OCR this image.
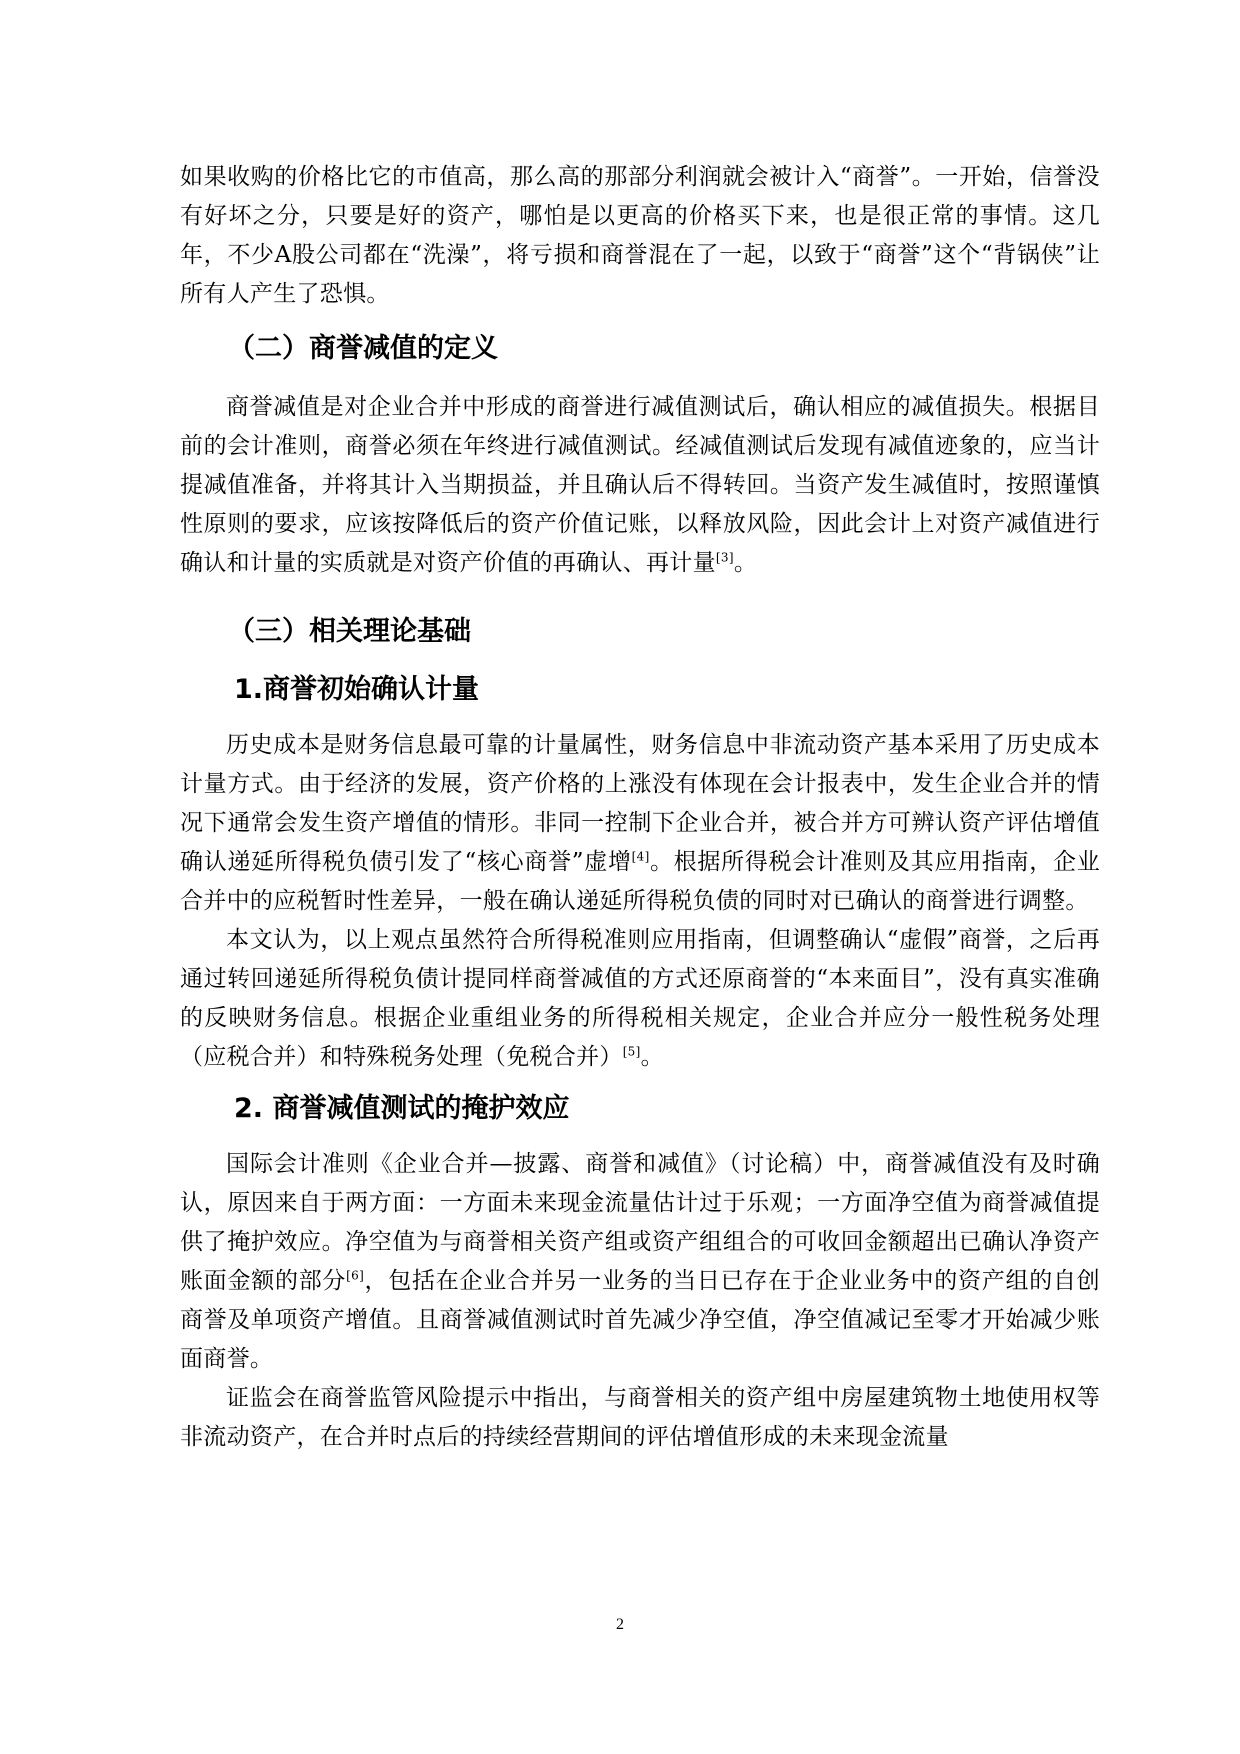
如果收购的价格比它的市值高，那么高的那部分利润就会被计入“商誉”。一开始，信誉没有好坏之分，只要是好的资产，哪怕是以更高的价格买下来，也是很正常的事情。这几年，不少A股公司都在“洗澡”，将亏损和商誉混在了一起，以致于“商誉”这个“背锅侠”让所有人产生了恐惧。

（二）商誉减值的定义

商誉减值是对企业合并中形成的商誉进行减值测试后，确认相应的减值损失。根据目前的会计准则，商誉必须在年终进行减值测试。经减值测试后发现有减值迹象的，应当计提减值准备，并将其计入当期损益，并且确认后不得转回。当资产发生减值时，按照谨慎性原则的要求，应该按降低后的资产价值记账，以释放风险，因此会计上对资产减值进行确认和计量的实质就是对资产价值的再确认、再计量[3]。

（三）相关理论基础
1.商誉初始确认计量

历史成本是财务信息最可靠的计量属性，财务信息中非流动资产基本采用了历史成本计量方式。由于经济的发展，资产价格的上涨没有体现在会计报表中，发生企业合并的情况下通常会发生资产增值的情形。非同一控制下企业合并，被合并方可辨认资产评估增值确认递延所得税负债引发了“核心商誉”虚增[4]。根据所得税会计准则及其应用指南，企业合并中的应税暂时性差异，一般在确认递延所得税负债的同时对已确认的商誉进行调整。

本文认为，以上观点虽然符合所得税准则应用指南，但调整确认“虚假”商誉，之后再通过转回递延所得税负债计提同样商誉减值的方式还原商誉的“本来面目”，没有真实准确的反映财务信息。根据企业重组业务的所得税相关规定，企业合并应分一般性税务处理（应税合并）和特殊税务处理（免税合并）[5]。

2. 商誉减值测试的掩护效应

国际会计准则《企业合并—披露、商誉和减值》（讨论稿）中，商誉减值没有及时确认，原因来自于两方面：一方面未来现金流量估计过于乐观；一方面净空值为商誉减值提供了掩护效应。净空值为与商誉相关资产组或资产组组合的可收回金额超出已确认净资产账面金额的部分[6]，包括在企业合并另一业务的当日已存在于企业业务中的资产组的自创商誉及单项资产增值。且商誉减值测试时首先减少净空值，净空值减记至零才开始减少账面商誉。

证监会在商誉监管风险提示中指出，与商誉相关的资产组中房屋建筑物土地使用权等非流动资产，在合并时点后的持续经营期间的评估增值形成的未来现金流量

2
